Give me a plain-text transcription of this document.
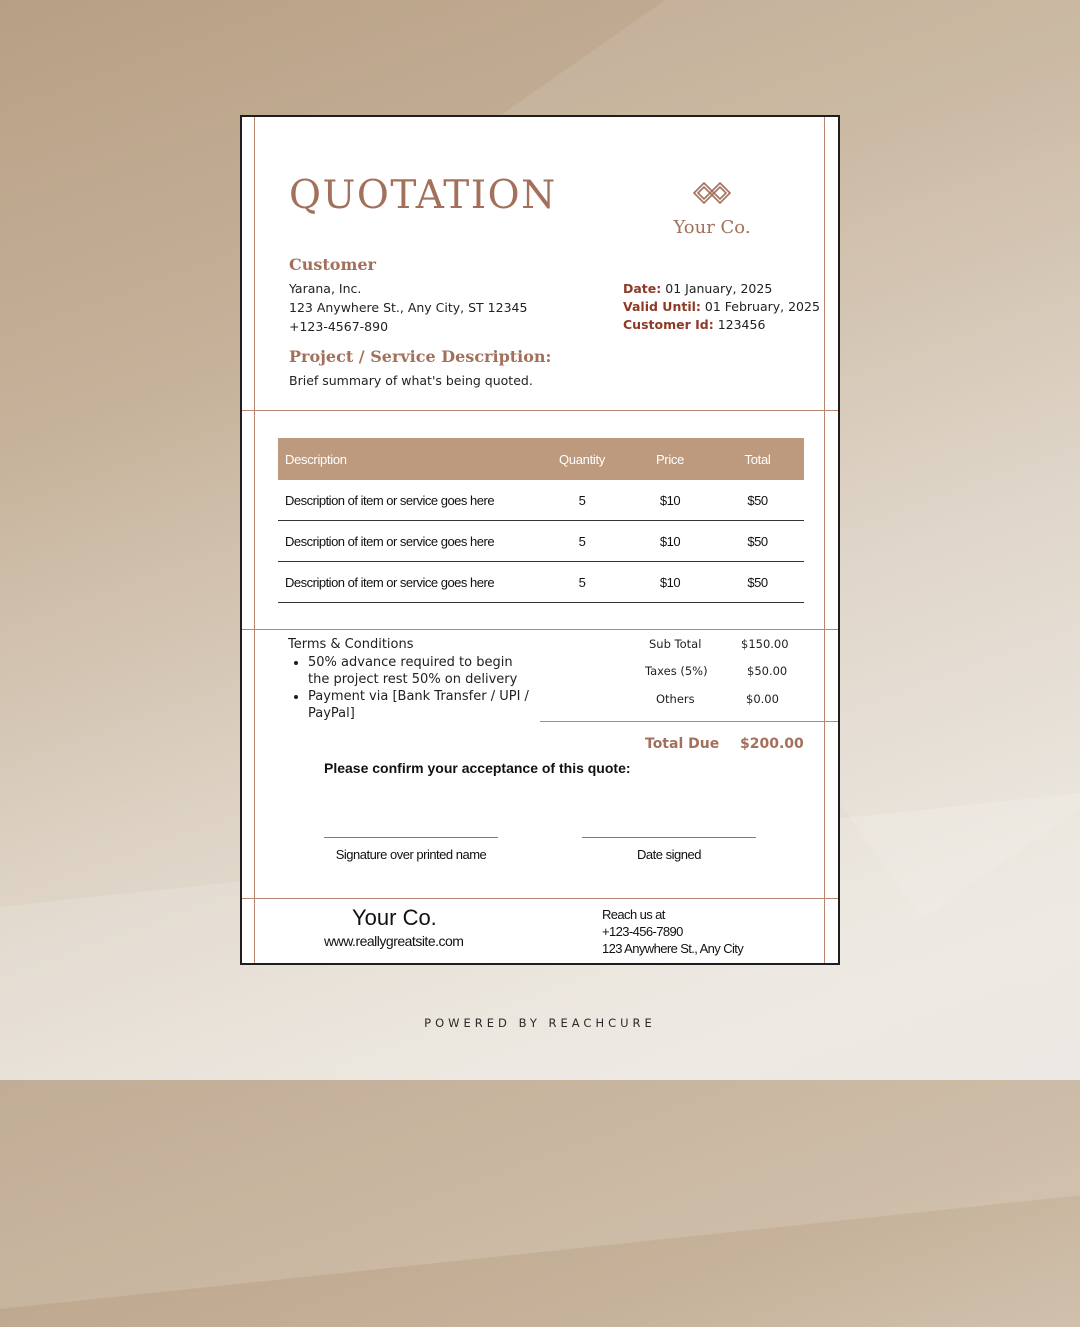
QUOTATION
Your Co.
Customer
Yarana, Inc.
123 Anywhere St., Any City, ST 12345
+123-4567-890
Date: 01 January, 2025
Valid Until: 01 February, 2025
Customer Id: 123456
Project / Service Description:
Brief summary of what's being quoted.
Description	Quantity	Price	Total
Description of item or service goes here	5	$10	$50
Description of item or service goes here	5	$10	$50
Description of item or service goes here	5	$10	$50
Terms & Conditions
• 50% advance required to begin the project rest 50% on delivery
• Payment via [Bank Transfer / UPI / PayPal]
Sub Total	$150.00
Taxes (5%)	$50.00
Others	$0.00
Total Due $200.00
Please confirm your acceptance of this quote:
Signature over printed name	Date signed
Your Co.
www.reallygreatsite.com
Reach us at
+123-456-7890
123 Anywhere St., Any City
POWERED BY REACHCURE
